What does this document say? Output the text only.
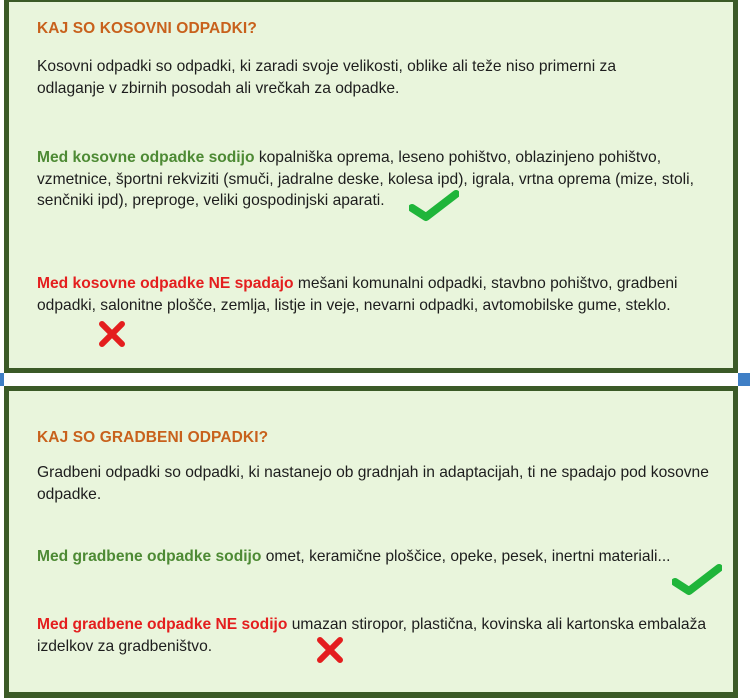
KAJ SO KOSOVNI ODPADKI?
Kosovni odpadki so odpadki, ki zaradi svoje velikosti, oblike ali teže niso primerni za odlaganje v zbirnih posodah ali vrečkah za odpadke.
Med kosovne odpadke sodijo kopalniška oprema, leseno pohištvo, oblazinjeno pohištvo, vzmetnice, športni rekviziti (smuči, jadralne deske, kolesa ipd), igrala, vrtna oprema (mize, stoli, senčniki ipd), preproge, veliki gospodinjski aparati.
Med kosovne odpadke NE spadajo mešani komunalni odpadki, stavbno pohištvo, gradbeni odpadki, salonitne plošče, zemlja, listje in veje, nevarni odpadki, avtomobilske gume, steklo.
KAJ SO GRADBENI ODPADKI?
Gradbeni odpadki so odpadki, ki nastanejo ob gradnjah in adaptacijah, ti ne spadajo pod kosovne odpadke.
Med gradbene odpadke sodijo omet, keramične ploščice, opeke, pesek, inertni materiali...
Med gradbene odpadke NE sodijo umazan stiropor, plastična, kovinska ali kartonska embalaža izdelkov za gradbeništvo.
